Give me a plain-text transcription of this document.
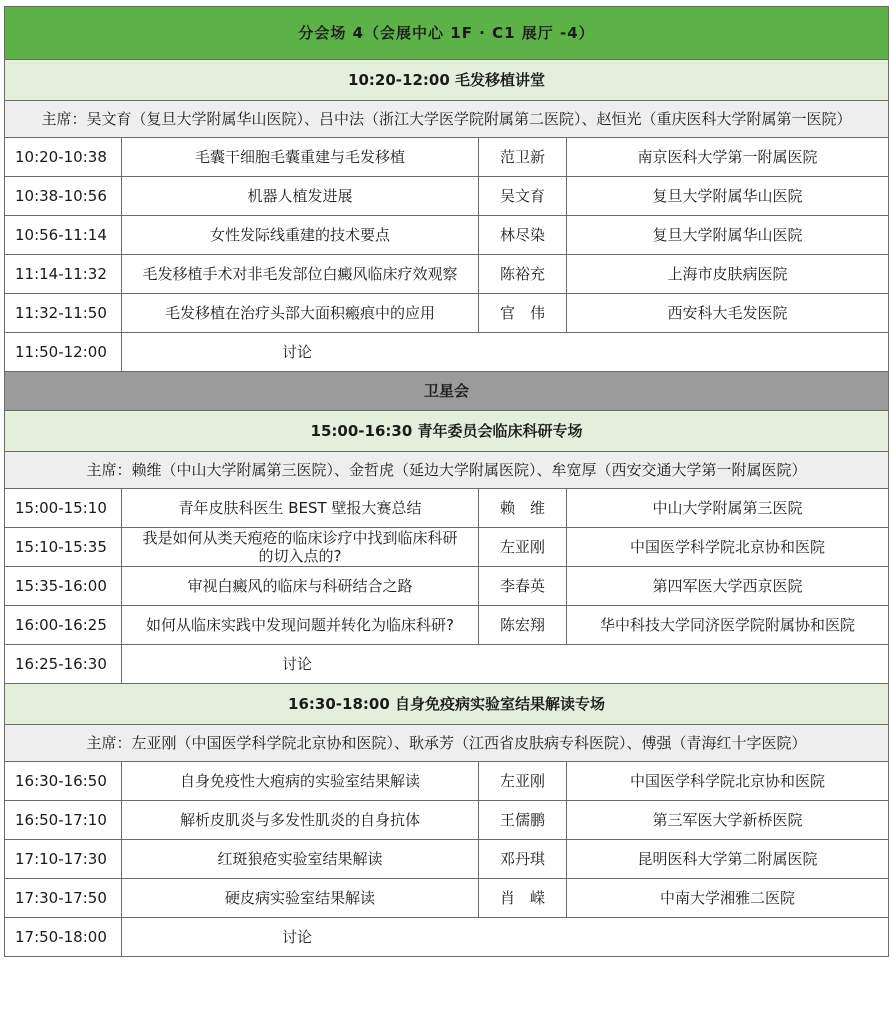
分会场 4（会展中心 1F · C1 展厅 -4）			
10:20-12:00 毛发移植讲堂			
主席：吴文育（复旦大学附属华山医院）、吕中法（浙江大学医学院附属第二医院）、赵恒光（重庆医科大学附属第一医院）			
10:20-10:38	毛囊干细胞毛囊重建与毛发移植	范卫新	南京医科大学第一附属医院
10:38-10:56	机器人植发进展	吴文育	复旦大学附属华山医院
10:56-11:14	女性发际线重建的技术要点	林尽染	复旦大学附属华山医院
11:14-11:32	毛发移植手术对非毛发部位白癜风临床疗效观察	陈裕充	上海市皮肤病医院
11:32-11:50	毛发移植在治疗头部大面积瘢痕中的应用	官　伟	西安科大毛发医院
11:50-12:00	讨论		
卫星会			
15:00-16:30 青年委员会临床科研专场			
主席：赖维（中山大学附属第三医院）、金哲虎（延边大学附属医院）、牟宽厚（西安交通大学第一附属医院）			
15:00-15:10	青年皮肤科医生 BEST 壁报大赛总结	赖　维	中山大学附属第三医院
15:10-15:35	我是如何从类天疱疮的临床诊疗中找到临床科研
的切入点的?	左亚刚	中国医学科学院北京协和医院
15:35-16:00	审视白癜风的临床与科研结合之路	李春英	第四军医大学西京医院
16:00-16:25	如何从临床实践中发现问题并转化为临床科研?	陈宏翔	华中科技大学同济医学院附属协和医院
16:25-16:30	讨论		
16:30-18:00 自身免疫病实验室结果解读专场			
主席：左亚刚（中国医学科学院北京协和医院）、耿承芳（江西省皮肤病专科医院）、傅强（青海红十字医院）			
16:30-16:50	自身免疫性大疱病的实验室结果解读	左亚刚	中国医学科学院北京协和医院
16:50-17:10	解析皮肌炎与多发性肌炎的自身抗体	王儒鹏	第三军医大学新桥医院
17:10-17:30	红斑狼疮实验室结果解读	邓丹琪	昆明医科大学第二附属医院
17:30-17:50	硬皮病实验室结果解读	肖　嵘	中南大学湘雅二医院
17:50-18:00	讨论		
